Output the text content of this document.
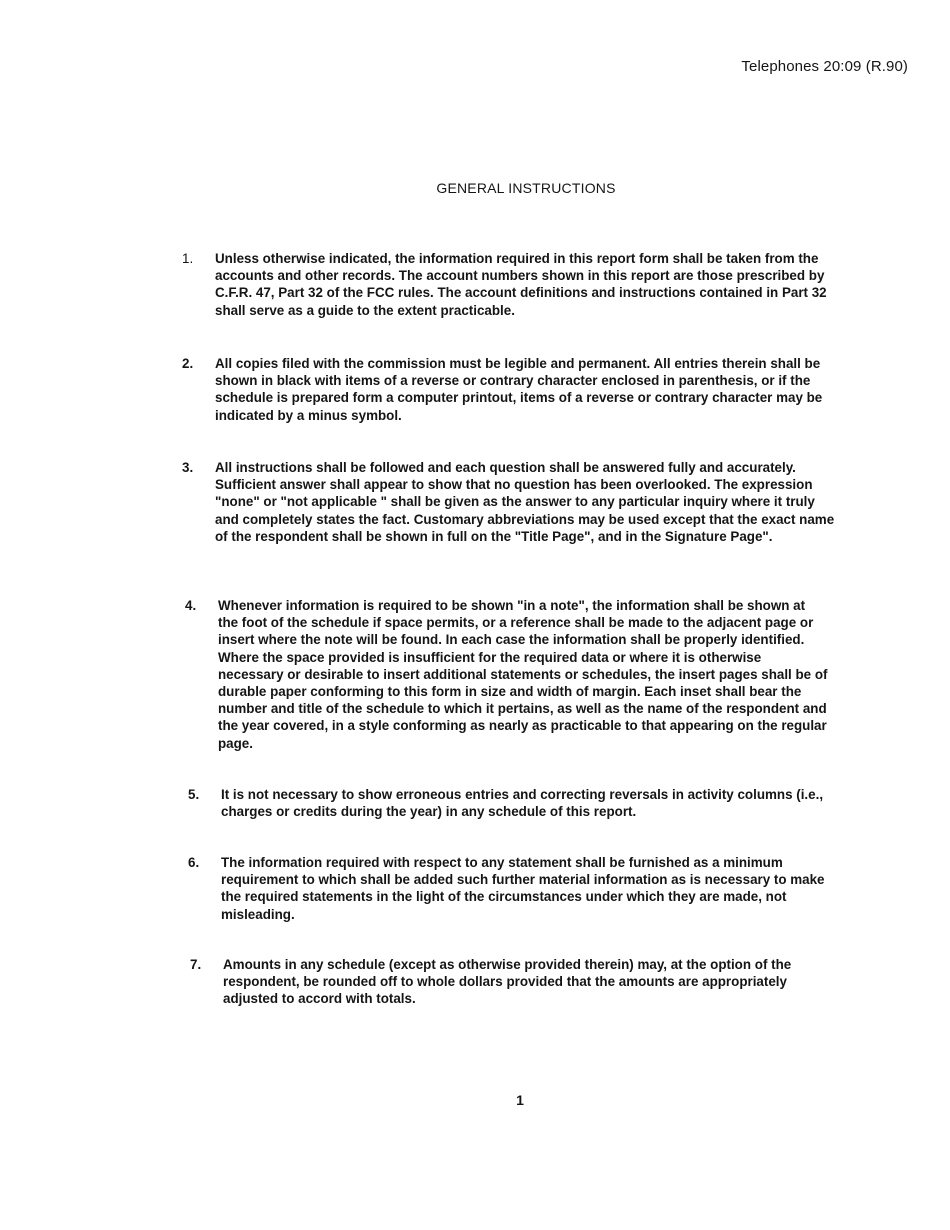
Telephones 20:09 (R.90)
GENERAL INSTRUCTIONS
1.	Unless otherwise indicated, the information required in this report form shall be taken from the accounts and other records. The account numbers shown in this report are those prescribed by C.F.R. 47, Part 32 of the FCC rules. The account definitions and instructions contained in Part 32 shall serve as a guide to the extent practicable.
2.	All copies filed with the commission must be legible and permanent. All entries therein shall be shown in black with items of a reverse or contrary character enclosed in parenthesis, or if the schedule is prepared form a computer printout, items of a reverse or contrary character may be indicated by a minus symbol.
3.	All instructions shall be followed and each question shall be answered fully and accurately. Sufficient answer shall appear to show that no question has been overlooked. The expression "none" or "not applicable " shall be given as the answer to any particular inquiry where it truly and completely states the fact. Customary abbreviations may be used except that the exact name of the respondent shall be shown in full on the "Title Page", and in the Signature Page".
4.	Whenever information is required to be shown "in a note", the information shall be shown at the foot of the schedule if space permits, or a reference shall be made to the adjacent page or insert where the note will be found. In each case the information shall be properly identified. Where the space provided is insufficient for the required data or where it is otherwise necessary or desirable to insert additional statements or schedules, the insert pages shall be of durable paper conforming to this form in size and width of margin. Each inset shall bear the number and title of the schedule to which it pertains, as well as the name of the respondent and the year covered, in a style conforming as nearly as practicable to that appearing on the regular page.
5.	It is not necessary to show erroneous entries and correcting reversals in activity columns (i.e., charges or credits during the year) in any schedule of this report.
6.	The information required with respect to any statement shall be furnished as a minimum requirement to which shall be added such further material information as is necessary to make the required statements in the light of the circumstances under which they are made, not misleading.
7.	Amounts in any schedule (except as otherwise provided therein) may, at the option of the respondent, be rounded off to whole dollars provided that the amounts are appropriately adjusted to accord with totals.
1
